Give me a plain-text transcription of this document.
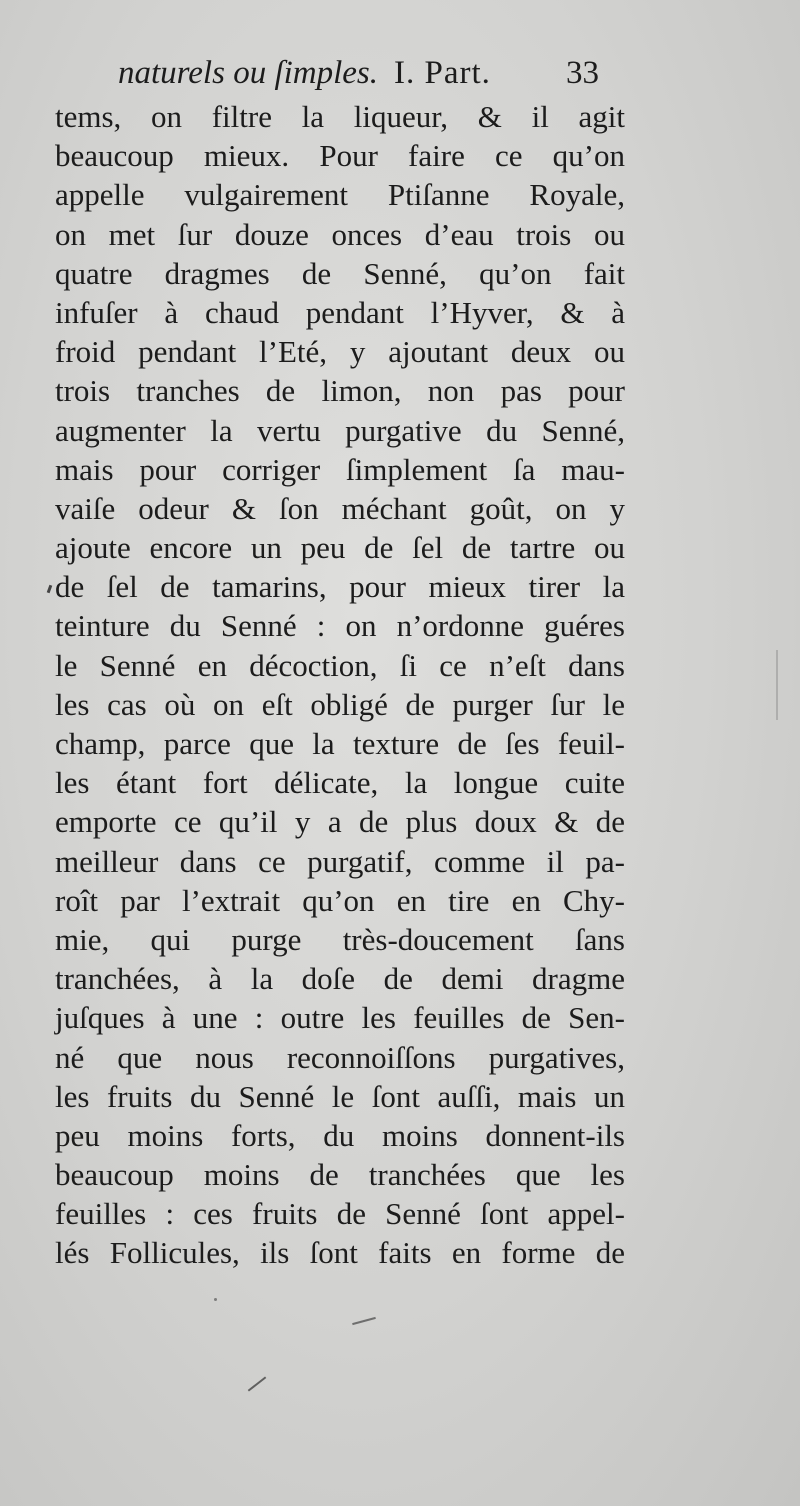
naturels ou ſimples. I. Part. 33
tems, on filtre la liqueur, & il agit
beaucoup mieux. Pour faire ce qu’on
appelle vulgairement Ptiſanne Royale,
on met ſur douze onces d’eau trois ou
quatre dragmes de Senné, qu’on fait
infuſer à chaud pendant l’Hyver, & à
froid pendant l’Eté, y ajoutant deux ou
trois tranches de limon, non pas pour
augmenter la vertu purgative du Senné,
mais pour corriger ſimplement ſa mau-
vaiſe odeur & ſon méchant goût, on y
ajoute encore un peu de ſel de tartre ou
de ſel de tamarins, pour mieux tirer la
teinture du Senné : on n’ordonne guéres
le Senné en décoction, ſi ce n’eſt dans
les cas où on eſt obligé de purger ſur le
champ, parce que la texture de ſes feuil-
les étant fort délicate, la longue cuite
emporte ce qu’il y a de plus doux & de
meilleur dans ce purgatif, comme il pa-
roît par l’extrait qu’on en tire en Chy-
mie, qui purge très-doucement ſans
tranchées, à la doſe de demi dragme
juſques à une : outre les feuilles de Sen-
né que nous reconnoiſſons purgatives,
les fruits du Senné le ſont auſſi, mais un
peu moins forts, du moins donnent-ils
beaucoup moins de tranchées que les
feuilles : ces fruits de Senné ſont appel-
lés Follicules, ils ſont faits en forme de
